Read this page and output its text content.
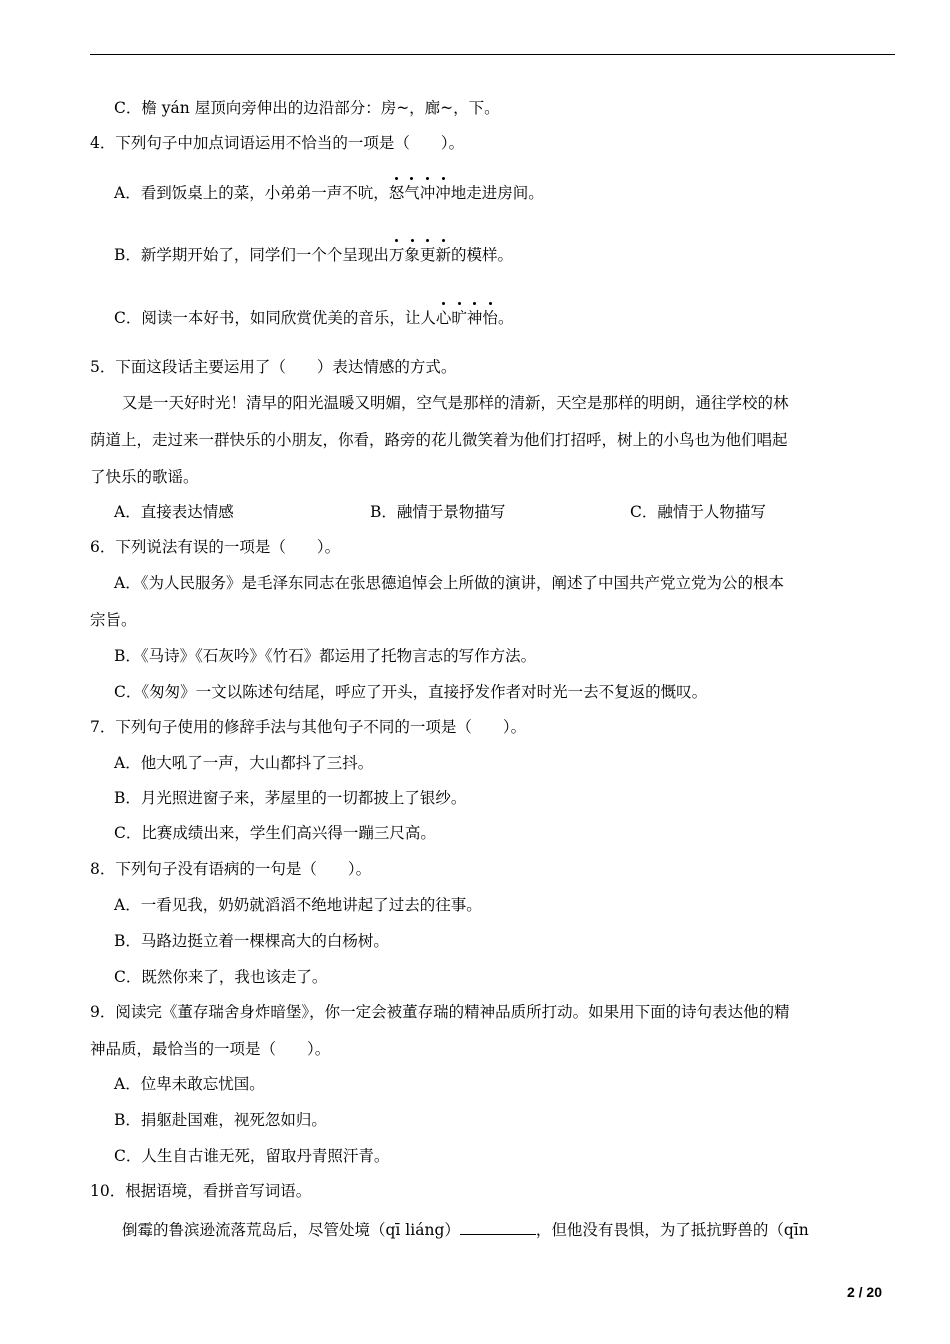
C．檐 yán 屋顶向旁伸出的边沿部分：房~，廊~，下。
4．下列句子中加点词语运用不恰当的一项是（　　）。
A．看到饭桌上的菜，小弟弟一声不吭，怒气冲冲地走进房间。
B．新学期开始了，同学们一个个呈现出万象更新的模样。
C．阅读一本好书，如同欣赏优美的音乐，让人心旷神怡。
5．下面这段话主要运用了（　　）表达情感的方式。
又是一天好时光！清早的阳光温暖又明媚，空气是那样的清新，天空是那样的明朗，通往学校的林
荫道上，走过来一群快乐的小朋友，你看，路旁的花儿微笑着为他们打招呼，树上的小鸟也为他们唱起
了快乐的歌谣。
A．直接表达情感	B．融情于景物描写	C．融情于人物描写
6．下列说法有误的一项是（　　）。
A．《为人民服务》是毛泽东同志在张思德追悼会上所做的演讲，阐述了中国共产党立党为公的根本
宗旨。
B．《马诗》《石灰吟》《竹石》都运用了托物言志的写作方法。
C．《匆匆》一文以陈述句结尾，呼应了开头，直接抒发作者对时光一去不复返的慨叹。
7．下列句子使用的修辞手法与其他句子不同的一项是（　　）。
A．他大吼了一声，大山都抖了三抖。
B．月光照进窗子来，茅屋里的一切都披上了银纱。
C．比赛成绩出来，学生们高兴得一蹦三尺高。
8．下列句子没有语病的一句是（　　）。
A．一看见我，奶奶就滔滔不绝地讲起了过去的往事。
B．马路边挺立着一棵棵高大的白杨树。
C．既然你来了，我也该走了。
9．阅读完《董存瑞舍身炸暗堡》，你一定会被董存瑞的精神品质所打动。如果用下面的诗句表达他的精
神品质，最恰当的一项是（　　）。
A．位卑未敢忘忧国。
B．捐躯赴国难，视死忽如归。
C．人生自古谁无死，留取丹青照汗青。
10．根据语境，看拼音写词语。
倒霉的鲁滨逊流落荒岛后，尽管处境（qī liáng）	，但他没有畏惧，为了抵抗野兽的（qīn
2 / 20
